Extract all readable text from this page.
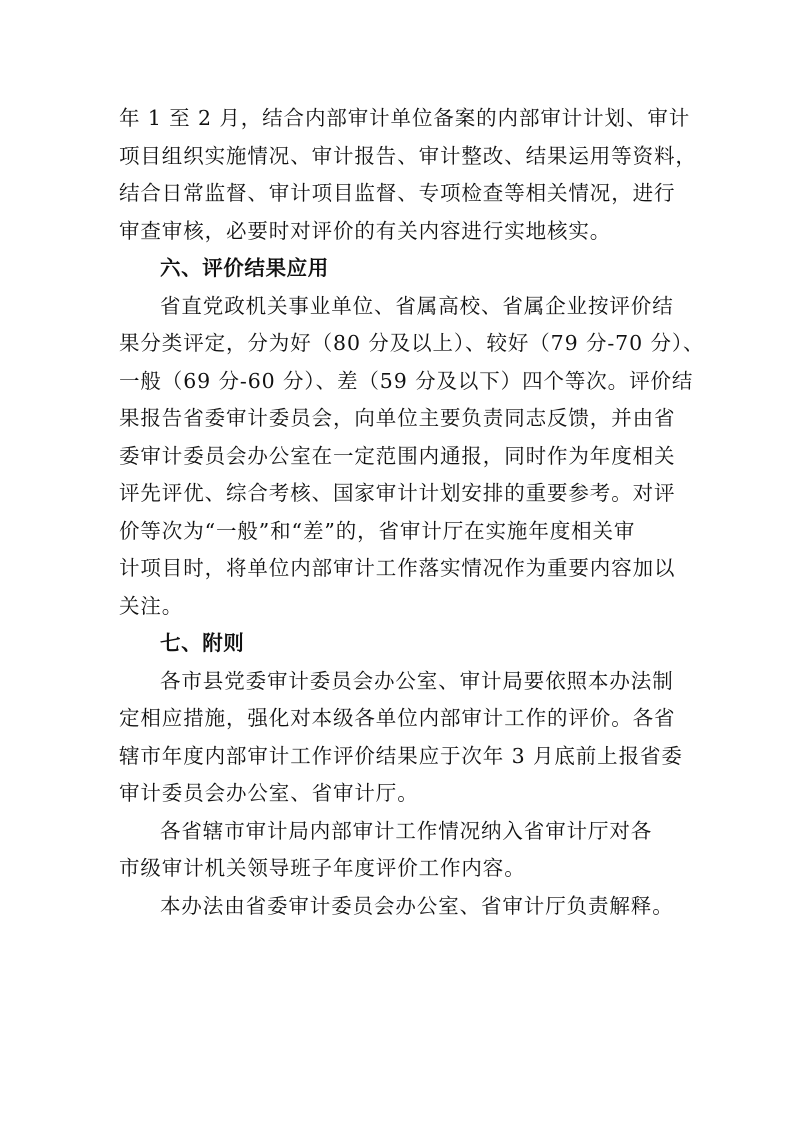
年 1 至 2 月，结合内部审计单位备案的内部审计计划、审计
项目组织实施情况、审计报告、审计整改、结果运用等资料，
结合日常监督、审计项目监督、专项检查等相关情况，进行
审查审核，必要时对评价的有关内容进行实地核实。

六、评价结果应用

省直党政机关事业单位、省属高校、省属企业按评价结
果分类评定，分为好（80 分及以上）、较好（79 分-70 分）、
一般（69 分-60 分）、差（59 分及以下）四个等次。评价结
果报告省委审计委员会，向单位主要负责同志反馈，并由省
委审计委员会办公室在一定范围内通报，同时作为年度相关
评先评优、综合考核、国家审计计划安排的重要参考。对评
价等次为“一般”和“差”的，省审计厅在实施年度相关审
计项目时，将单位内部审计工作落实情况作为重要内容加以
关注。

七、附则

各市县党委审计委员会办公室、审计局要依照本办法制
定相应措施，强化对本级各单位内部审计工作的评价。各省
辖市年度内部审计工作评价结果应于次年 3 月底前上报省委
审计委员会办公室、省审计厅。

各省辖市审计局内部审计工作情况纳入省审计厅对各
市级审计机关领导班子年度评价工作内容。

本办法由省委审计委员会办公室、省审计厅负责解释。
